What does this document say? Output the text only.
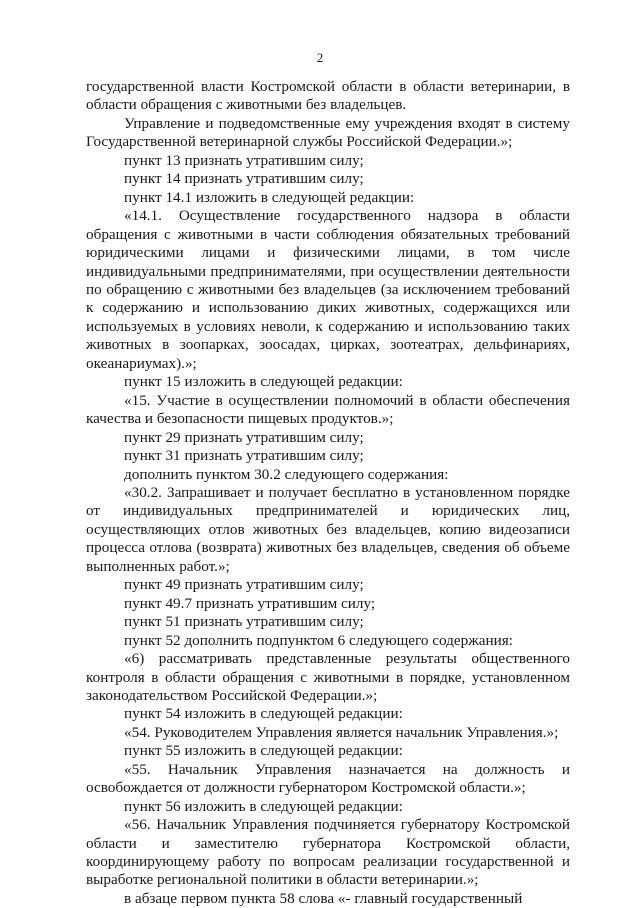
2

государственной власти Костромской области в области ветеринарии, в области обращения с животными без владельцев.

Управление и подведомственные ему учреждения входят в систему Государственной ветеринарной службы Российской Федерации.»;

пункт 13 признать утратившим силу;

пункт 14 признать утратившим силу;

пункт 14.1 изложить в следующей редакции:

«14.1. Осуществление государственного надзора в области обращения с животными в части соблюдения обязательных требований юридическими лицами и физическими лицами, в том числе индивидуальными предпринимателями, при осуществлении деятельности по обращению с животными без владельцев (за исключением требований к содержанию и использованию диких животных, содержащихся или используемых в условиях неволи, к содержанию и использованию таких животных в зоопарках, зоосадах, цирках, зоотеатрах, дельфинариях, океанариумах).»;

пункт 15 изложить в следующей редакции:

«15. Участие в осуществлении полномочий в области обеспечения качества и безопасности пищевых продуктов.»;

пункт 29 признать утратившим силу;

пункт 31 признать утратившим силу;

дополнить пунктом 30.2 следующего содержания:

«30.2. Запрашивает и получает бесплатно в установленном порядке от индивидуальных предпринимателей и юридических лиц, осуществляющих отлов животных без владельцев, копию видеозаписи процесса отлова (возврата) животных без владельцев, сведения об объеме выполненных работ.»;

пункт 49 признать утратившим силу;

пункт 49.7 признать утратившим силу;

пункт 51 признать утратившим силу;

пункт 52 дополнить подпунктом 6 следующего содержания:

«6) рассматривать представленные результаты общественного контроля в области обращения с животными в порядке, установленном законодательством Российской Федерации.»;

пункт 54 изложить в следующей редакции:

«54. Руководителем Управления является начальник Управления.»;

пункт 55 изложить в следующей редакции:

«55. Начальник Управления назначается на должность и освобождается от должности губернатором Костромской области.»;

пункт 56 изложить в следующей редакции:

«56. Начальник Управления подчиняется губернатору Костромской области и заместителю губернатора Костромской области, координирующему работу по вопросам реализации государственной и выработке региональной политики в области ветеринарии.»;

в абзаце первом пункта 58 слова «- главный государственный
